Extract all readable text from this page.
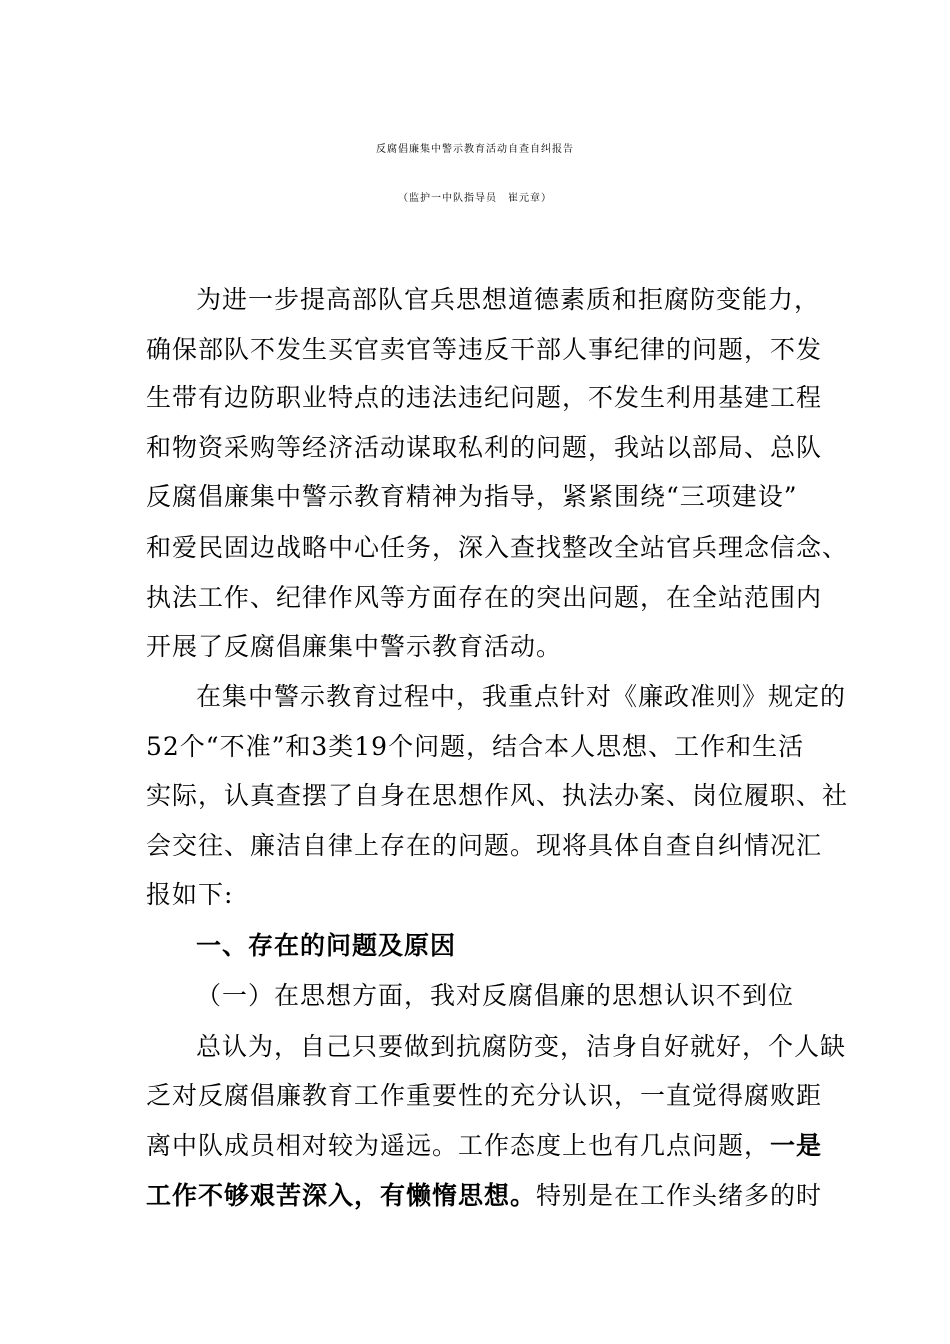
反腐倡廉集中警示教育活动自查自纠报告
（监护一中队指导员　崔元章）
为进一步提高部队官兵思想道德素质和拒腐防变能力，
确保部队不发生买官卖官等违反干部人事纪律的问题，不发
生带有边防职业特点的违法违纪问题，不发生利用基建工程
和物资采购等经济活动谋取私利的问题，我站以部局、总队
反腐倡廉集中警示教育精神为指导，紧紧围绕“三项建设”
和爱民固边战略中心任务，深入查找整改全站官兵理念信念、
执法工作、纪律作风等方面存在的突出问题，在全站范围内
开展了反腐倡廉集中警示教育活动。
在集中警示教育过程中，我重点针对《廉政准则》规定的
52个“不准”和3类19个问题，结合本人思想、工作和生活
实际，认真查摆了自身在思想作风、执法办案、岗位履职、社
会交往、廉洁自律上存在的问题。现将具体自查自纠情况汇
报如下:
一、存在的问题及原因
（一）在思想方面，我对反腐倡廉的思想认识不到位
总认为，自己只要做到抗腐防变，洁身自好就好，个人缺
乏对反腐倡廉教育工作重要性的充分认识，一直觉得腐败距
离中队成员相对较为遥远。工作态度上也有几点问题，一是
工作不够艰苦深入，有懒惰思想。特别是在工作头绪多的时
